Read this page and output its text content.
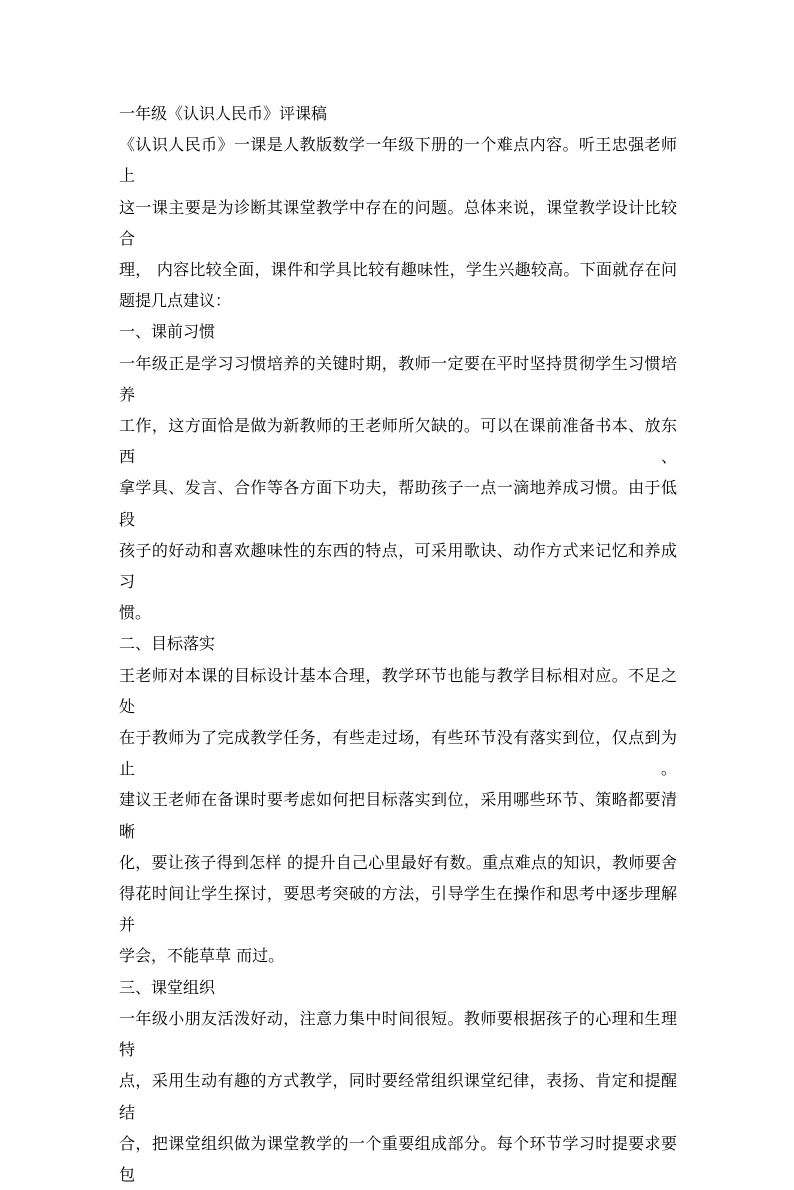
一年级《认识人民币》评课稿
《认识人民币》一课是人教版数学一年级下册的一个难点内容。听王忠强老师上
这一课主要是为诊断其课堂教学中存在的问题。总体来说，课堂教学设计比较合
理， 内容比较全面，课件和学具比较有趣味性，学生兴趣较高。下面就存在问
题提几点建议：
一、课前习惯
一年级正是学习习惯培养的关键时期，教师一定要在平时坚持贯彻学生习惯培养
工作，这方面恰是做为新教师的王老师所欠缺的。可以在课前准备书本、放东西、
拿学具、发言、合作等各方面下功夫，帮助孩子一点一滴地养成习惯。由于低段
孩子的好动和喜欢趣味性的东西的特点，可采用歌诀、动作方式来记忆和养成习
惯。
二、目标落实
王老师对本课的目标设计基本合理，教学环节也能与教学目标相对应。不足之处
在于教师为了完成教学任务，有些走过场，有些环节没有落实到位，仅点到为止。
建议王老师在备课时要考虑如何把目标落实到位，采用哪些环节、策略都要清晰
化，要让孩子得到怎样 的提升自己心里最好有数。重点难点的知识，教师要舍
得花时间让学生探讨，要思考突破的方法，引导学生在操作和思考中逐步理解并
学会，不能草草 而过。
三、课堂组织
一年级小朋友活泼好动，注意力集中时间很短。教师要根据孩子的心理和生理特
点，采用生动有趣的方式教学，同时要经常组织课堂纪律，表扬、肯定和提醒结
合，把课堂组织做为课堂教学的一个重要组成部分。每个环节学习时提要求要包
